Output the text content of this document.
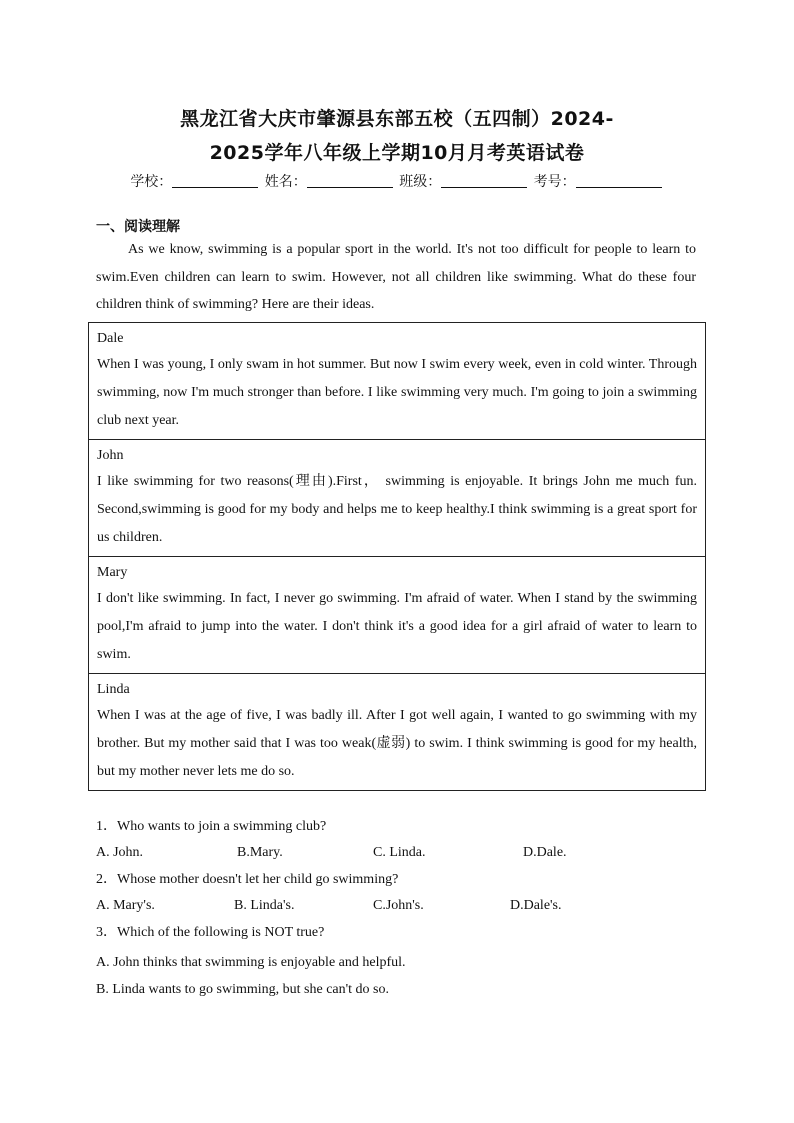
黑龙江省大庆市肇源县东部五校（五四制）2024-
2025学年八年级上学期10月月考英语试卷
学校：	姓名：	班级：	考号：
一、阅读理解

As we know, swimming is a popular sport in the world. It's not too difficult for people to learn to swim.Even children can learn to swim. However, not all children like swimming. What do these four children think of swimming? Here are their ideas.

Dale
When I was young, I only swam in hot summer. But now I swim every week, even in cold winter. Through swimming, now I'm much stronger than before. I like swimming very much. I'm going to join a swimming club next year.

John
I like swimming for two reasons(理由).First， swimming is enjoyable. It brings John me much fun. Second,swimming is good for my body and helps me to keep healthy.I think swimming is a great sport for us children.

Mary
I don't like swimming. In fact, I never go swimming. I'm afraid of water. When I stand by the swimming pool,I'm afraid to jump into the water. I don't think it's a good idea for a girl afraid of water to learn to swim.

Linda
When I was at the age of five, I was badly ill. After I got well again, I wanted to go swimming with my brother. But my mother said that I was too weak(虚弱) to swim. I think swimming is good for my health, but my mother never lets me do so.
1．Who wants to join a swimming club?
A. John.	B.Mary.	C. Linda.	D.Dale.
2．Whose mother doesn't let her child go swimming?
A. Mary's.	B. Linda's.	C.John's.	D.Dale's.
3．Which of the following is NOT true?
A. John thinks that swimming is enjoyable and helpful.
B. Linda wants to go swimming, but she can't do so.
